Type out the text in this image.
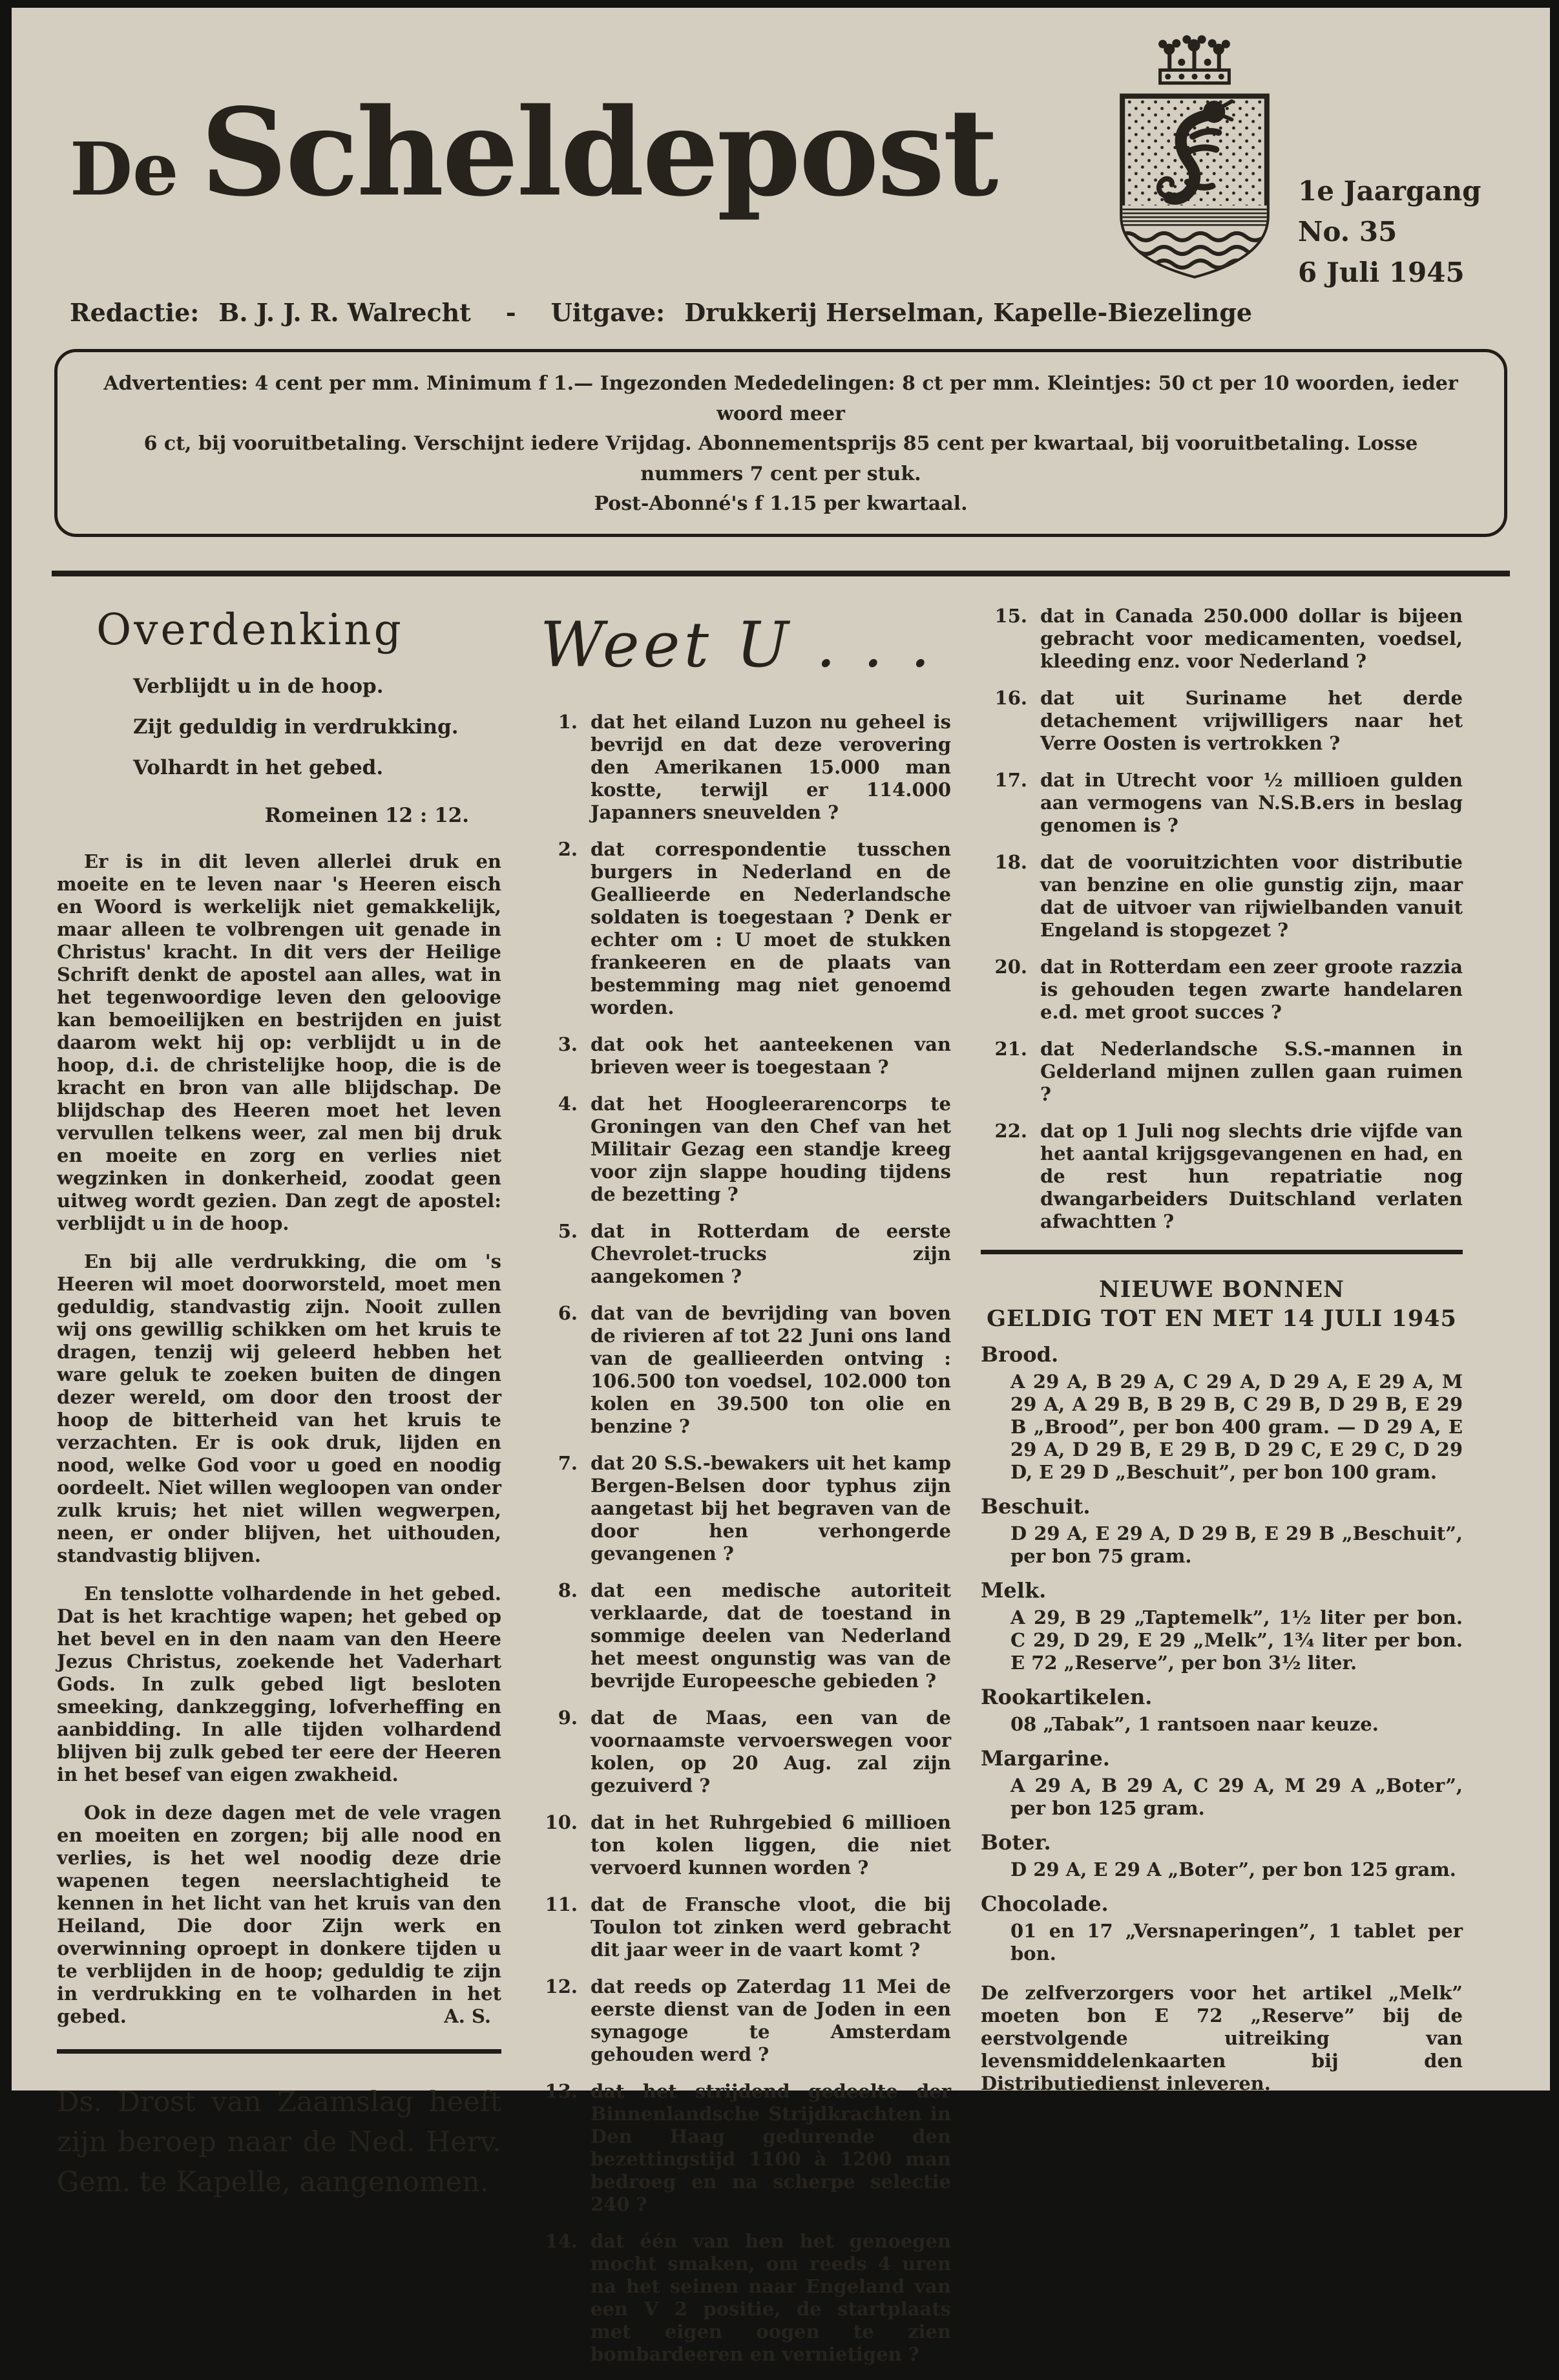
De Scheldepost	1e Jaargang
No. 35
6 Juli 1945
Redactie: B. J. J. R. Walrecht	-	Uitgave: Drukkerij Herselman, Kapelle-Biezelinge
Advertenties: 4 cent per mm. Minimum f 1.— Ingezonden Mededelingen: 8 ct per mm. Kleintjes: 50 ct per 10 woorden, ieder woord meer
6 ct, bij vooruitbetaling. Verschijnt iedere Vrijdag. Abonnementsprijs 85 cent per kwartaal, bij vooruitbetaling. Losse nummers 7 cent per stuk.
Post-Abonné's f 1.15 per kwartaal.
Overdenking
Verblijdt u in de hoop.
Zijt geduldig in verdrukking.
Volhardt in het gebed.
Romeinen 12 : 12.

Er is in dit leven allerlei druk en moeite en te leven naar 's Heeren eisch en Woord is werkelijk niet gemakkelijk, maar alleen te volbrengen uit genade in Christus' kracht. In dit vers der Heilige Schrift denkt de apostel aan alles, wat in het tegenwoordige leven den geloovige kan bemoeilijken en bestrijden en juist daarom wekt hij op: verblijdt u in de hoop, d.i. de christelijke hoop, die is de kracht en bron van alle blijdschap. De blijdschap des Heeren moet het leven vervullen telkens weer, zal men bij druk en moeite en zorg en verlies niet wegzinken in donkerheid, zoodat geen uitweg wordt gezien. Dan zegt de apostel: verblijdt u in de hoop.

En bij alle verdrukking, die om 's Heeren wil moet doorworsteld, moet men geduldig, standvastig zijn. Nooit zullen wij ons gewillig schikken om het kruis te dragen, tenzij wij geleerd hebben het ware geluk te zoeken buiten de dingen dezer wereld, om door den troost der hoop de bitterheid van het kruis te verzachten. Er is ook druk, lijden en nood, welke God voor u goed en noodig oordeelt. Niet willen wegloopen van onder zulk kruis; het niet willen wegwerpen, neen, er onder blijven, het uithouden, standvastig blijven.

En tenslotte volhardende in het gebed. Dat is het krachtige wapen; het gebed op het bevel en in den naam van den Heere Jezus Christus, zoekende het Vaderhart Gods. In zulk gebed ligt besloten smeeking, dankzegging, lofverheffing en aanbidding. In alle tijden volhardend blijven bij zulk gebed ter eere der Heeren in het besef van eigen zwakheid.

Ook in deze dagen met de vele vragen en moeiten en zorgen; bij alle nood en verlies, is het wel noodig deze drie wapenen tegen neerslachtigheid te kennen in het licht van het kruis van den Heiland, Die door Zijn werk en overwinning oproept in donkere tijden u te verblijden in de hoop; geduldig te zijn in verdrukking en te volharden in het gebed.	A. S.

Ds. Drost van Zaamslag heeft zijn beroep naar de Ned. Herv. Gem. te Kapelle, aangenomen.

Weet U . . .
1. dat het eiland Luzon nu geheel is bevrijd en dat deze verovering den Amerikanen 15.000 man kostte, terwijl er 114.000 Japanners sneuvelden ?
2. dat correspondentie tusschen burgers in Nederland en de Geallieerde en Nederlandsche soldaten is toegestaan ? Denk er echter om : U moet de stukken frankeeren en de plaats van bestemming mag niet genoemd worden.
3. dat ook het aanteekenen van brieven weer is toegestaan ?
4. dat het Hoogleerarencorps te Groningen van den Chef van het Militair Gezag een standje kreeg voor zijn slappe houding tijdens de bezetting ?
5. dat in Rotterdam de eerste Chevrolet-trucks zijn aangekomen ?
6. dat van de bevrijding van boven de rivieren af tot 22 Juni ons land van de geallieerden ontving : 106.500 ton voedsel, 102.000 ton kolen en 39.500 ton olie en benzine ?
7. dat 20 S.S.-bewakers uit het kamp Bergen-Belsen door typhus zijn aangetast bij het begraven van de door hen verhongerde gevangenen ?
8. dat een medische autoriteit verklaarde, dat de toestand in sommige deelen van Nederland het meest ongunstig was van de bevrijde Europeesche gebieden ?
9. dat de Maas, een van de voornaamste vervoerswegen voor kolen, op 20 Aug. zal zijn gezuiverd ?
10. dat in het Ruhrgebied 6 millioen ton kolen liggen, die niet vervoerd kunnen worden ?
11. dat de Fransche vloot, die bij Toulon tot zinken werd gebracht dit jaar weer in de vaart komt ?
12. dat reeds op Zaterdag 11 Mei de eerste dienst van de Joden in een synagoge te Amsterdam gehouden werd ?
13. dat het strijdend gedeelte der Binnenlandsche Strijdkrachten in Den Haag gedurende den bezettingstijd 1100 à 1200 man bedroeg en na scherpe selectie 240 ?
14. dat één van hen het genoegen mocht smaken, om reeds 4 uren na het seinen naar Engeland van een V 2 positie, de startplaats met eigen oogen te zien bombardeeren en vernietigen ?
15. dat in Canada 250.000 dollar is bijeen gebracht voor medicamenten, voedsel, kleeding enz. voor Nederland ?
16. dat uit Suriname het derde detachement vrijwilligers naar het Verre Oosten is vertrokken ?
17. dat in Utrecht voor ½ millioen gulden aan vermogens van N.S.B.ers in beslag genomen is ?
18. dat de vooruitzichten voor distributie van benzine en olie gunstig zijn, maar dat de uitvoer van rijwielbanden vanuit Engeland is stopgezet ?
20. dat in Rotterdam een zeer groote razzia is gehouden tegen zwarte handelaren e.d. met groot succes ?
21. dat Nederlandsche S.S.-mannen in Gelderland mijnen zullen gaan ruimen ?
22. dat op 1 Juli nog slechts drie vijfde van het aantal krijgsgevangenen en had, en de rest hun repatriatie nog dwangarbeiders Duitschland verlaten afwachtten ?
NIEUWE BONNEN
GELDIG TOT EN MET 14 JULI 1945
Brood.
A 29 A, B 29 A, C 29 A, D 29 A, E 29 A, M 29 A, A 29 B, B 29 B, C 29 B, D 29 B, E 29 B „Brood”, per bon 400 gram. — D 29 A, E 29 A, D 29 B, E 29 B, D 29 C, E 29 C, D 29 D, E 29 D „Beschuit”, per bon 100 gram.
Beschuit.
D 29 A, E 29 A, D 29 B, E 29 B „Beschuit”, per bon 75 gram.
Melk.
A 29, B 29 „Taptemelk”, 1½ liter per bon. C 29, D 29, E 29 „Melk”, 1¾ liter per bon. E 72 „Reserve”, per bon 3½ liter.
Rookartikelen.
08 „Tabak”, 1 rantsoen naar keuze.
Margarine.
A 29 A, B 29 A, C 29 A, M 29 A „Boter”, per bon 125 gram.
Boter.
D 29 A, E 29 A „Boter”, per bon 125 gram.
Chocolade.
01 en 17 „Versnaperingen”, 1 tablet per bon.

De zelfverzorgers voor het artikel „Melk” moeten bon E 72 „Reserve” bij de eerstvolgende uitreiking van levensmiddelenkaarten bij den Distributiedienst inleveren.
